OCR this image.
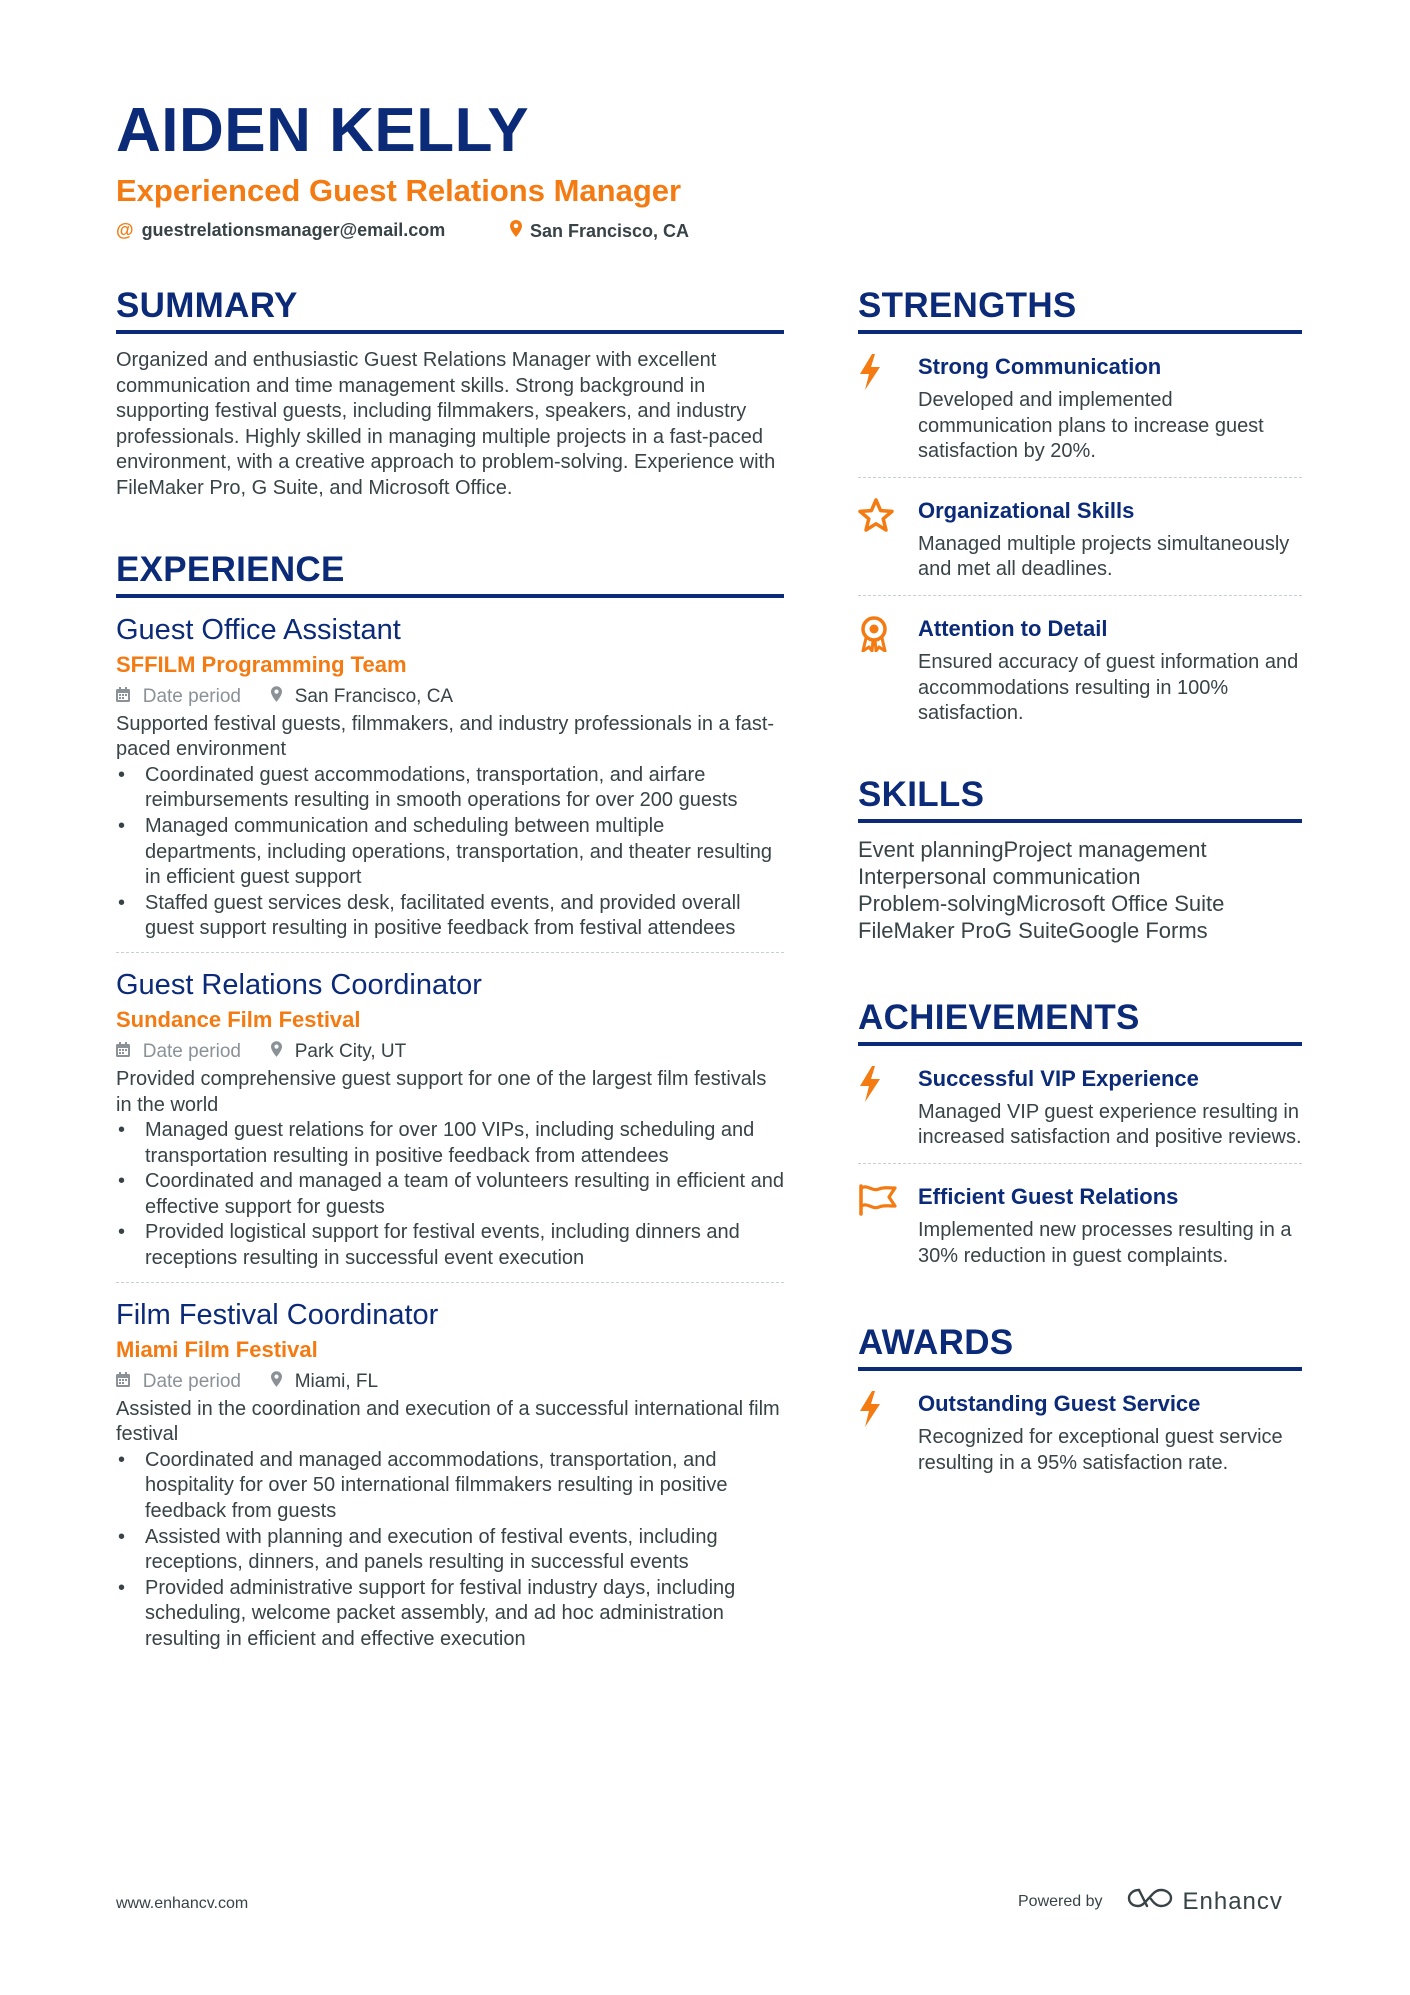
AIDEN KELLY
Experienced Guest Relations Manager
@ guestrelationsmanager@email.com	San Francisco, CA
SUMMARY
Organized and enthusiastic Guest Relations Manager with excellent communication and time management skills. Strong background in supporting festival guests, including filmmakers, speakers, and industry professionals. Highly skilled in managing multiple projects in a fast-paced environment, with a creative approach to problem-solving. Experience with FileMaker Pro, G Suite, and Microsoft Office.
EXPERIENCE
Guest Office Assistant
SFFILM Programming Team
Date period	San Francisco, CA
Supported festival guests, filmmakers, and industry professionals in a fast-paced environment
• Coordinated guest accommodations, transportation, and airfare reimbursements resulting in smooth operations for over 200 guests
• Managed communication and scheduling between multiple departments, including operations, transportation, and theater resulting in efficient guest support
• Staffed guest services desk, facilitated events, and provided overall guest support resulting in positive feedback from festival attendees
Guest Relations Coordinator
Sundance Film Festival
Date period	Park City, UT
Provided comprehensive guest support for one of the largest film festivals in the world
• Managed guest relations for over 100 VIPs, including scheduling and transportation resulting in positive feedback from attendees
• Coordinated and managed a team of volunteers resulting in efficient and effective support for guests
• Provided logistical support for festival events, including dinners and receptions resulting in successful event execution
Film Festival Coordinator
Miami Film Festival
Date period	Miami, FL
Assisted in the coordination and execution of a successful international film festival
• Coordinated and managed accommodations, transportation, and hospitality for over 50 international filmmakers resulting in positive feedback from guests
• Assisted with planning and execution of festival events, including receptions, dinners, and panels resulting in successful events
• Provided administrative support for festival industry days, including scheduling, welcome packet assembly, and ad hoc administration resulting in efficient and effective execution
STRENGTHS
Strong Communication
Developed and implemented communication plans to increase guest satisfaction by 20%.
Organizational Skills
Managed multiple projects simultaneously and met all deadlines.
Attention to Detail
Ensured accuracy of guest information and accommodations resulting in 100% satisfaction.
SKILLS
Event planningProject management
Interpersonal communication
Problem-solvingMicrosoft Office Suite
FileMaker ProG SuiteGoogle Forms
ACHIEVEMENTS
Successful VIP Experience
Managed VIP guest experience resulting in increased satisfaction and positive reviews.
Efficient Guest Relations
Implemented new processes resulting in a 30% reduction in guest complaints.
AWARDS
Outstanding Guest Service
Recognized for exceptional guest service resulting in a 95% satisfaction rate.
www.enhancv.com	Powered by	Enhancv
